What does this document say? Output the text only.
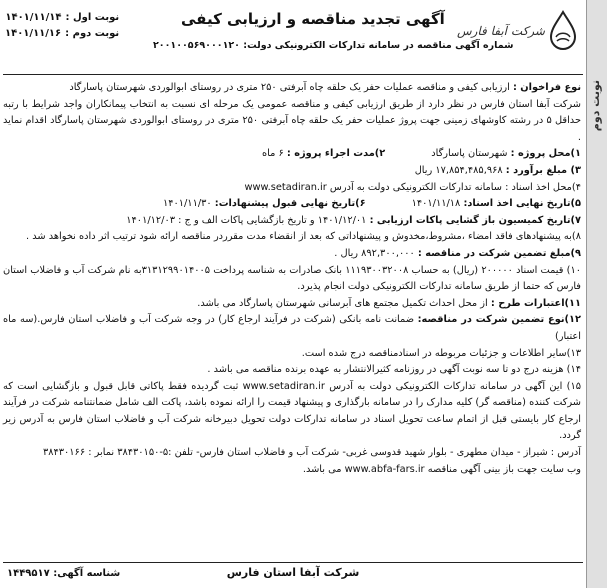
نوبت دوم
شرکت آبفا فارس
آگهی تجدید مناقصه و ارزیابی کیفی
شماره آگهی مناقصه در سامانه تدارکات الکترونیکی دولت: ۲۰۰۱۰۰۵۶۹۰۰۰۱۲۰
نوبت اول :
۱۴۰۱/۱۱/۱۴
نوبت دوم :
۱۴۰۱/۱۱/۱۶

نوع فراخوان : ارزیابی کیفی و مناقصه عملیات حفر یک حلقه چاه آبرفتی ۲۵۰ متری در روستای ابوالوردی شهرستان پاسارگاد

شرکت آبفا استان فارس در نظر دارد از طریق ارزیابی کیفی و مناقصه عمومی یک مرحله ای نسبت به انتخاب پیمانکاران واجد شرایط با رتبه حداقل ۵ در رشته کاوشهای زمینی جهت پروژ عملیات حفر یک حلقه چاه آبرفتی ۲۵۰ متری در روستای ابوالوردی شهرستان پاسارگاد اقدام نماید .

۱)محل پروژه : شهرستان پاسارگاد
۲)مدت اجراء پروژه : ۶ ماه

۳) مبلغ برآورد : ۱۷,۸۵۴,۴۸۵,۹۶۸ ریال

۴)محل اخذ اسناد : سامانه تدارکات الکترونیکی دولت به آدرس www.setadiran.ir

۵)تاریخ نهایی اخذ اسناد: ۱۴۰۱/۱۱/۱۸
۶)تاریخ نهایی قبول پیشنهادات: ۱۴۰۱/۱۱/۳۰

۷)تاریخ کمیسیون باز گشایی پاکات ارزیابی : ۱۴۰۱/۱۲/۰۱ و تاریخ بازگشایی پاکات الف و ج : ۱۴۰۱/۱۲/۰۳

۸)به پیشنهادهای فاقد امضاء ،مشروط،مخدوش و پیشنهاداتی که بعد از انقضاء مدت مقرردر مناقصه ارائه شود ترتیب اثر داده نخواهد شد .

۹)مبلغ تضمین شرکت در مناقصه : ۸۹۲,۳۰۰,۰۰۰ ریال .

۱۰) قیمت اسناد ۲۰۰۰۰۰ (ریال) به حساب ۱۱۱۹۳۰۰۳۲۰۰۸ بانک صادرات به شناسه پرداخت ۳۱۳۱۲۹۹۰۱۴۰۰۵به نام شرکت آب و فاضلاب استان فارس که حتما از طریق سامانه تدارکات الکترونیکی دولت انجام پذیرد.

۱۱)اعتبارات طرح : از محل احداث تکمیل مجتمع های آبرسانی شهرستان پاسارگاد می باشد.

۱۲)نوع تضمین شرکت در مناقصه: ضمانت نامه بانکی (شرکت در فرآیند ارجاع کار) در وجه شرکت آب و فاضلاب استان فارس.(سه ماه اعتبار)

۱۳)سایر اطلاعات و جزئیات مربوطه در اسنادمناقصه درج شده است.

۱۴) هزینه درج دو تا سه نوبت آگهی در روزنامه کثیرالانتشار به عهده برنده مناقصه می باشد .

۱۵) این آگهی در سامانه تدارکات الکترونیکی دولت به آدرس www.setadiran.ir ثبت گردیده فقط پاکاتی قابل قبول و بازگشایی است که شرکت کننده (مناقصه گر) کلیه مدارک را در سامانه بارگذاری و پیشنهاد قیمت را ارائه نموده باشد، پاکت الف شامل ضمانتنامه شرکت در فرآیند ارجاع کار بایستی قبل از اتمام ساعت تحویل اسناد در سامانه تدارکات دولت تحویل دبیرخانه شرکت آب و فاضلاب استان فارس به آدرس زیر گردد.

آدرس : شیراز - میدان مطهری - بلوار شهید قدوسی غربی- شرکت آب و فاضلاب استان فارس- تلفن :۵-۳۸۴۳۰۱۵۰ نمابر : ۳۸۴۳۰۱۶۶

وب سایت جهت باز بینی آگهی مناقصه www.abfa-fars.ir می باشد.

شرکت آبفا استان فارس
شناسه آگهی: ۱۴۴۹۵۱۷
